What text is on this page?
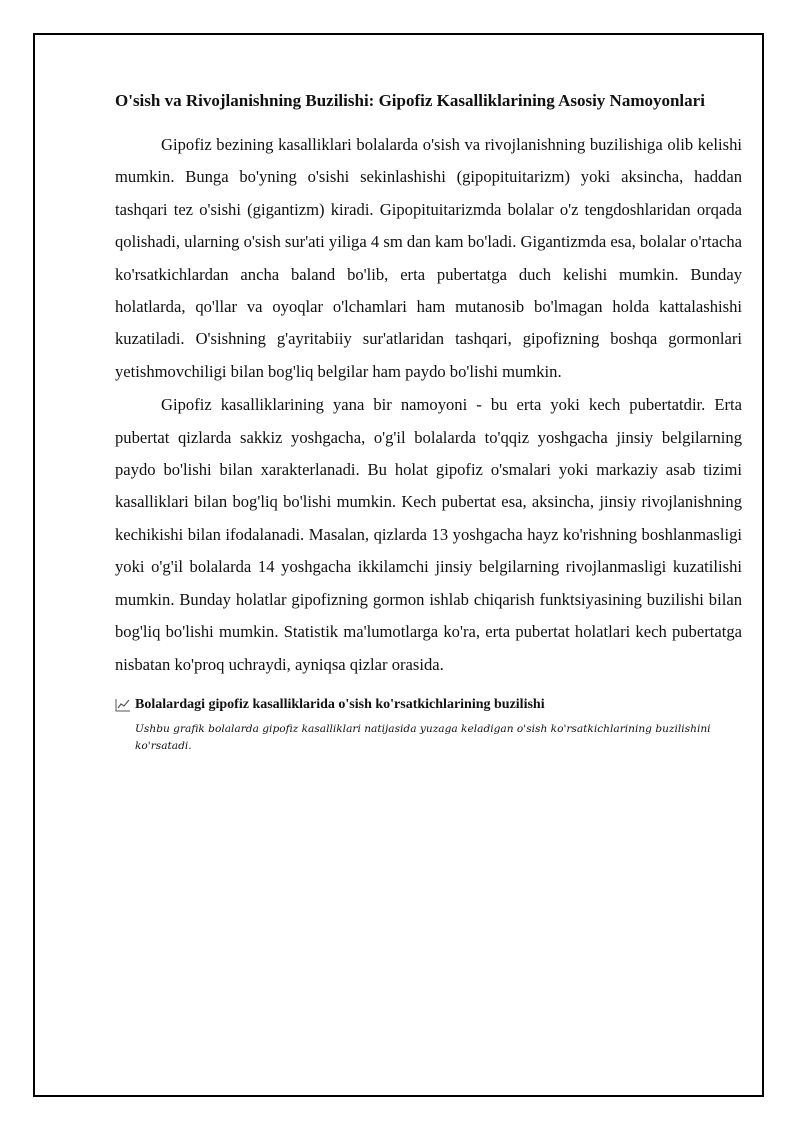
O'sish va Rivojlanishning Buzilishi: Gipofiz Kasalliklarining Asosiy Namoyonlari

Gipofiz bezining kasalliklari bolalarda o'sish va rivojlanishning buzilishiga olib kelishi mumkin. Bunga bo'yning o'sishi sekinlashishi (gipopituitarizm) yoki aksincha, haddan tashqari tez o'sishi (gigantizm) kiradi. Gipopituitarizmda bolalar o'z tengdoshlaridan orqada qolishadi, ularning o'sish sur'ati yiliga 4 sm dan kam bo'ladi. Gigantizmda esa, bolalar o'rtacha ko'rsatkichlardan ancha baland bo'lib, erta pubertatga duch kelishi mumkin. Bunday holatlarda, qo'llar va oyoqlar o'lchamlari ham mutanosib bo'lmagan holda kattalashishi kuzatiladi. O'sishning g'ayritabiiy sur'atlaridan tashqari, gipofizning boshqa gormonlari yetishmovchiligi bilan bog'liq belgilar ham paydo bo'lishi mumkin.

Gipofiz kasalliklarining yana bir namoyoni - bu erta yoki kech pubertatdir. Erta pubertat qizlarda sakkiz yoshgacha, o'g'il bolalarda to'qqiz yoshgacha jinsiy belgilarning paydo bo'lishi bilan xarakterlanadi. Bu holat gipofiz o'smalari yoki markaziy asab tizimi kasalliklari bilan bog'liq bo'lishi mumkin. Kech pubertat esa, aksincha, jinsiy rivojlanishning kechikishi bilan ifodalanadi. Masalan, qizlarda 13 yoshgacha hayz ko'rishning boshlanmasligi yoki o'g'il bolalarda 14 yoshgacha ikkilamchi jinsiy belgilarning rivojlanmasligi kuzatilishi mumkin. Bunday holatlar gipofizning gormon ishlab chiqarish funktsiyasining buzilishi bilan bog'liq bo'lishi mumkin. Statistik ma'lumotlarga ko'ra, erta pubertat holatlari kech pubertatga nisbatan ko'proq uchraydi, ayniqsa qizlar orasida.

Bolalardagi gipofiz kasalliklarida o'sish ko'rsatkichlarining buzilishi
Ushbu grafik bolalarda gipofiz kasalliklari natijasida yuzaga keladigan o'sish ko'rsatkichlarining buzilishini ko'rsatadi.
